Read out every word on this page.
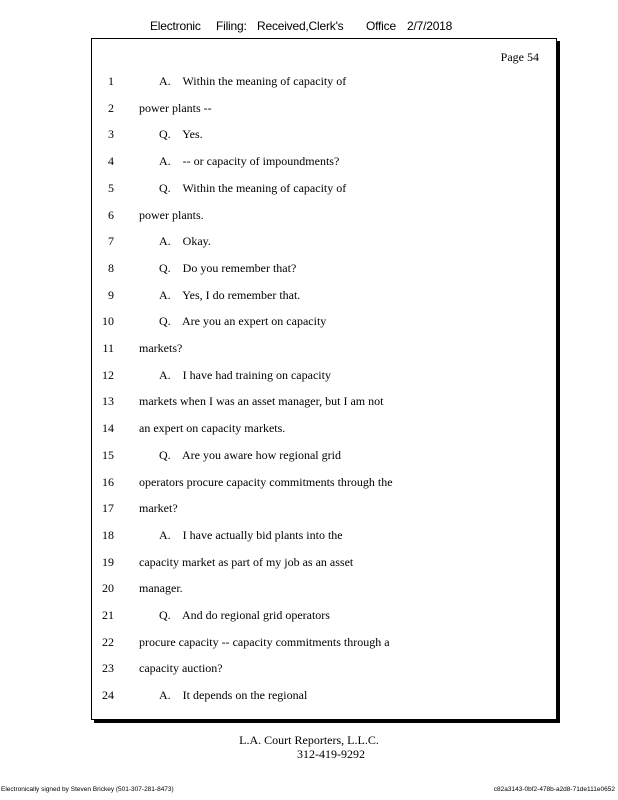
Electronic Filing: Received,Clerk's Office 2/7/2018
Page 54
1	A.    Within the meaning of capacity of
2 power plants --
3	Q.    Yes.
4	A.    -- or capacity of impoundments?
5	Q.    Within the meaning of capacity of
6 power plants.
7	A.    Okay.
8	Q.    Do you remember that?
9	A.    Yes, I do remember that.
10	Q.    Are you an expert on capacity
11 markets?
12	A.    I have had training on capacity
13 markets when I was an asset manager, but I am not
14 an expert on capacity markets.
15	Q.    Are you aware how regional grid
16 operators procure capacity commitments through the
17 market?
18	A.    I have actually bid plants into the
19 capacity market as part of my job as an asset
20 manager.
21	Q.    And do regional grid operators
22 procure capacity -- capacity commitments through a
23 capacity auction?
24	A.    It depends on the regional
L.A. Court Reporters, L.L.C.
312-419-9292
Electronically signed by Steven Brickey (501-307-281-8473)	c82a3143-0bf2-478b-a2d8-71de111e0652
